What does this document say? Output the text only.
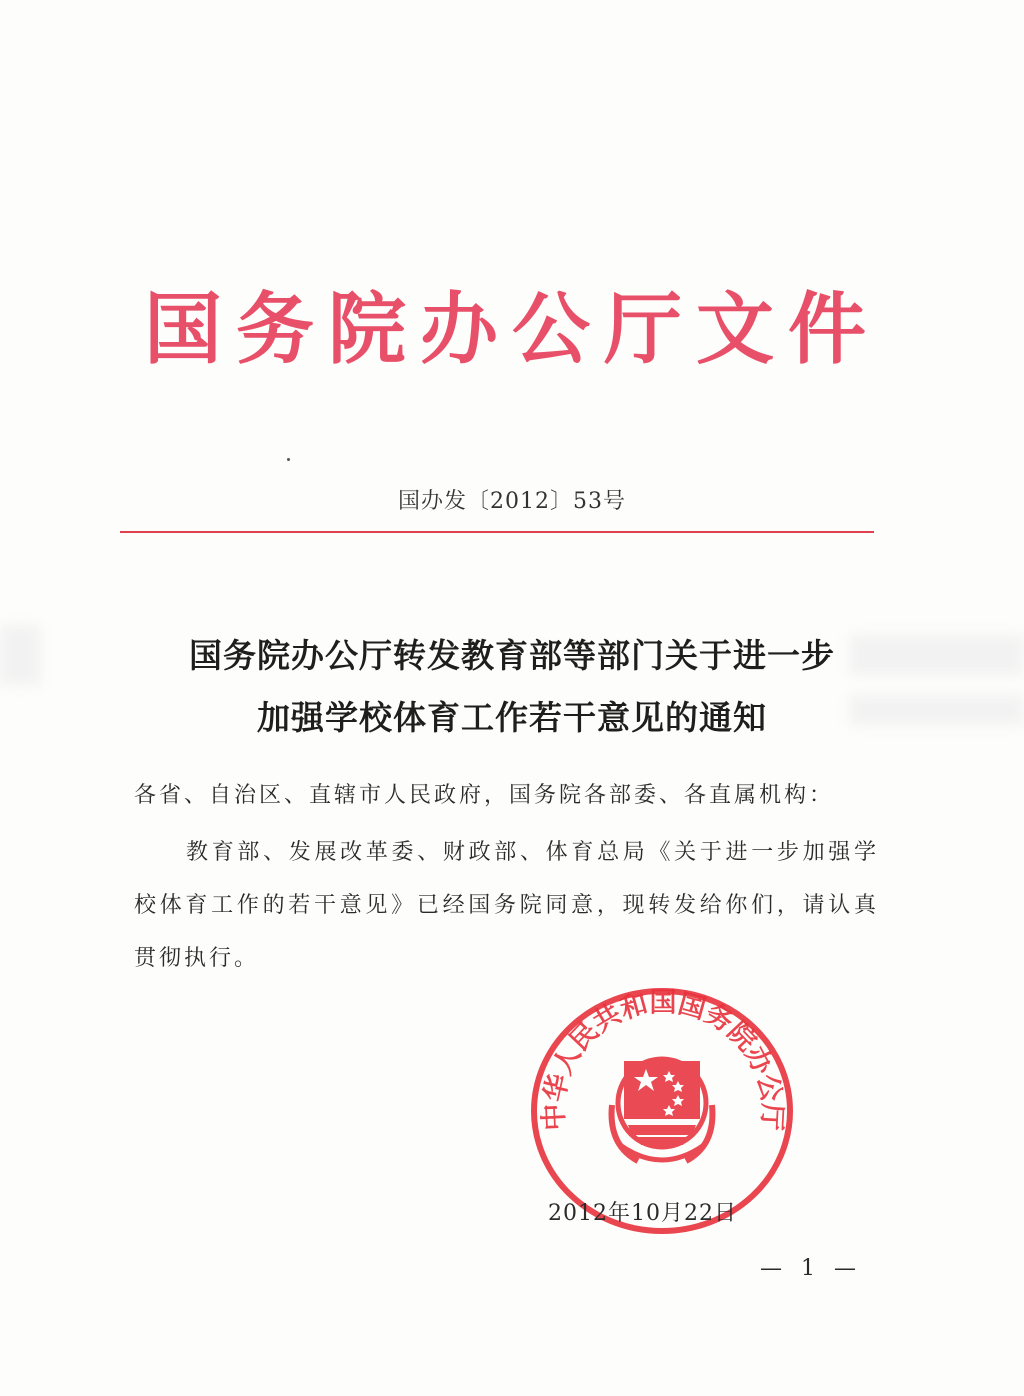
国务院办公厅文件
国办发〔2012〕53号
国务院办公厅转发教育部等部门关于进一步
加强学校体育工作若干意见的通知
各省、自治区、直辖市人民政府，国务院各部委、各直属机构：
教育部、发展改革委、财政部、体育总局《关于进一步加强学校体育工作的若干意见》已经国务院同意，现转发给你们，请认真贯彻执行。
中华人民共和国国务院办公厅
2012年10月22日
— 1 —
